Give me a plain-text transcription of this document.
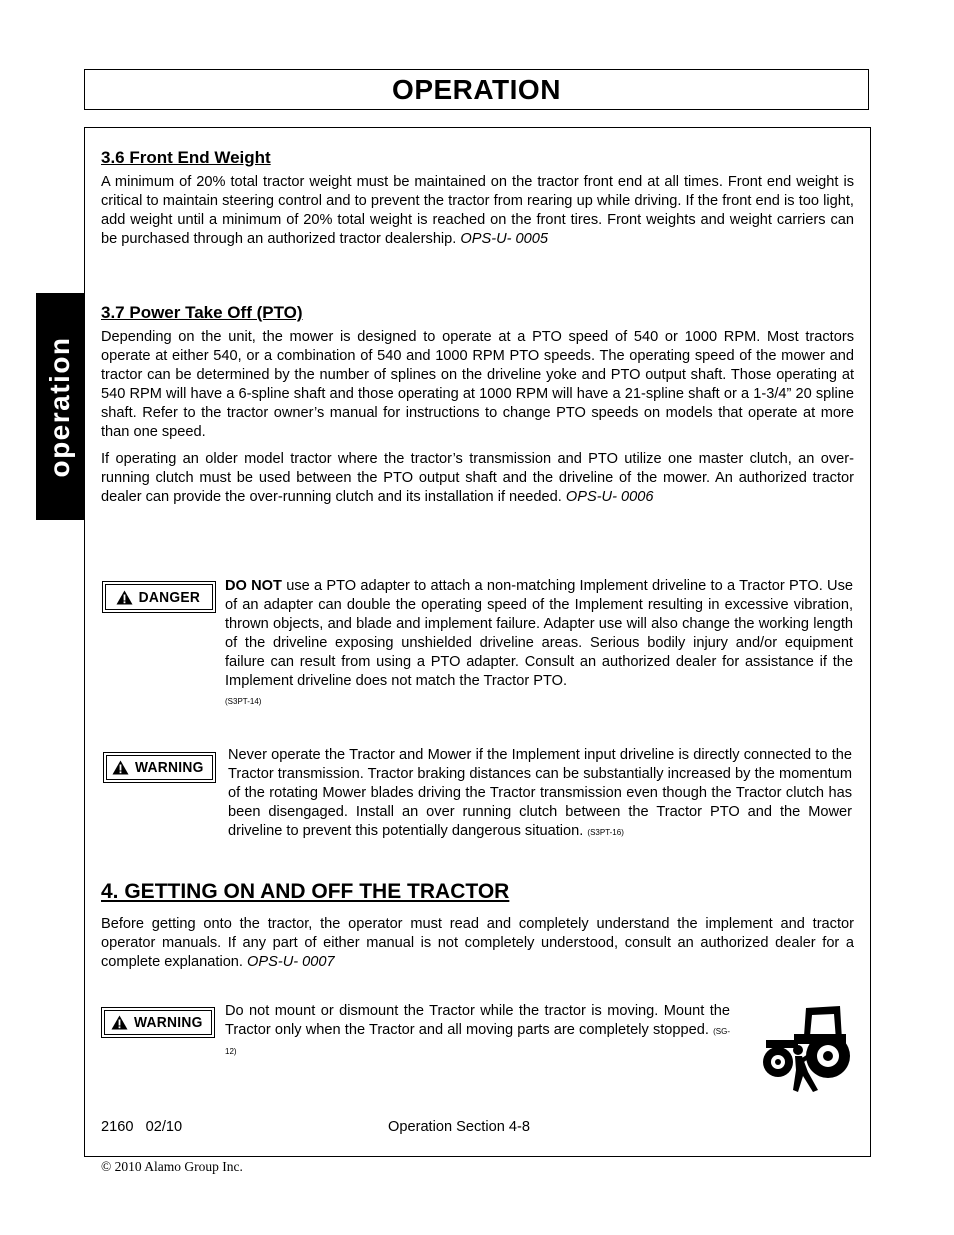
OPERATION
operation
3.6 Front End Weight

A minimum of 20% total tractor weight must be maintained on the tractor front end at all times. Front end weight is critical to maintain steering control and to prevent the tractor from rearing up while driving. If the front end is too light, add weight until a minimum of 20% total weight is reached on the front tires. Front weights and weight carriers can be purchased through an authorized tractor dealership. OPS-U- 0005

3.7 Power Take Off (PTO)

Depending on the unit, the mower is designed to operate at a PTO speed of 540 or 1000 RPM. Most tractors operate at either 540, or a combination of 540 and 1000 RPM PTO speeds. The operating speed of the mower and tractor can be determined by the number of splines on the driveline yoke and PTO output shaft. Those operating at 540 RPM will have a 6-spline shaft and those operating at 1000 RPM will have a 21-spline shaft or a 1-3/4” 20 spline shaft. Refer to the tractor owner’s manual for instructions to change PTO speeds on models that operate at more than one speed.

If operating an older model tractor where the tractor’s transmission and PTO utilize one master clutch, an over-running clutch must be used between the PTO output shaft and the driveline of the mower. An authorized tractor dealer can provide the over-running clutch and its installation if needed. OPS-U- 0006

DANGER

DO NOT use a PTO adapter to attach a non-matching Implement driveline to a Tractor PTO. Use of an adapter can double the operating speed of the Implement resulting in excessive vibration, thrown objects, and blade and implement failure. Adapter use will also change the working length of the driveline exposing unshielded driveline areas. Serious bodily injury and/or equipment failure can result from using a PTO adapter. Consult an authorized dealer for assistance if the Implement driveline does not match the Tractor PTO.
(S3PT-14)

WARNING

Never operate the Tractor and Mower if the Implement input driveline is directly connected to the Tractor transmission. Tractor braking distances can be substantially increased by the momentum of the rotating Mower blades driving the Tractor transmission even though the Tractor clutch has been disengaged. Install an over running clutch between the Tractor PTO and the Mower driveline to prevent this potentially dangerous situation. (S3PT-16)

4. GETTING ON AND OFF THE TRACTOR

Before getting onto the tractor, the operator must read and completely understand the implement and tractor operator manuals. If any part of either manual is not completely understood, consult an authorized dealer for a complete explanation. OPS-U- 0007

WARNING

Do not mount or dismount the Tractor while the tractor is moving. Mount the Tractor only when the Tractor and all moving parts are completely stopped. (SG-12)

2160   02/10	Operation Section 4-8
© 2010 Alamo Group Inc.
